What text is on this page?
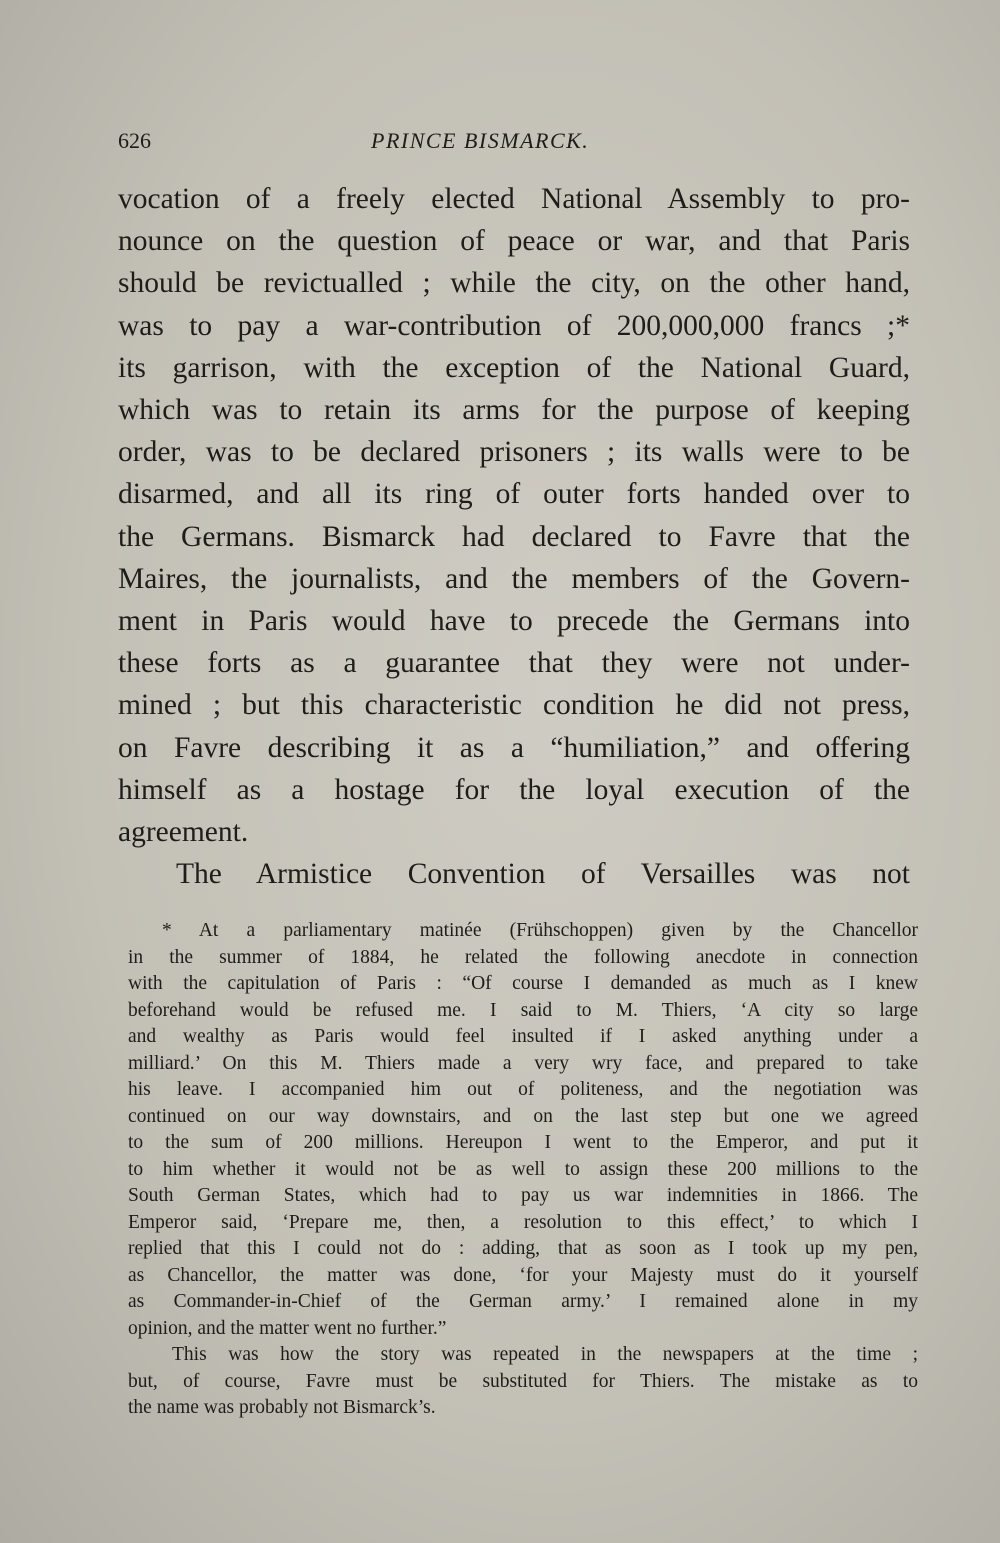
626	PRINCE BISMARCK.
vocation of a freely elected National Assembly to pro-
nounce on the question of peace or war, and that Paris
should be revictualled ; while the city, on the other hand,
was to pay a war-contribution of 200,000,000 francs ;*
its garrison, with the exception of the National Guard,
which was to retain its arms for the purpose of keeping
order, was to be declared prisoners ; its walls were to be
disarmed, and all its ring of outer forts handed over to
the Germans. Bismarck had declared to Favre that the
Maires, the journalists, and the members of the Govern-
ment in Paris would have to precede the Germans into
these forts as a guarantee that they were not under-
mined ; but this characteristic condition he did not press,
on Favre describing it as a “humiliation,” and offering
himself as a hostage for the loyal execution of the
agreement.
The Armistice Convention of Versailles was not
* At a parliamentary matinée (Frühschoppen) given by the Chancellor
in the summer of 1884, he related the following anecdote in connection
with the capitulation of Paris : “Of course I demanded as much as I knew
beforehand would be refused me. I said to M. Thiers, ‘A city so large
and wealthy as Paris would feel insulted if I asked anything under a
milliard.’ On this M. Thiers made a very wry face, and prepared to take
his leave. I accompanied him out of politeness, and the negotiation was
continued on our way downstairs, and on the last step but one we agreed
to the sum of 200 millions. Hereupon I went to the Emperor, and put it
to him whether it would not be as well to assign these 200 millions to the
South German States, which had to pay us war indemnities in 1866. The
Emperor said, ‘Prepare me, then, a resolution to this effect,’ to which I
replied that this I could not do : adding, that as soon as I took up my pen,
as Chancellor, the matter was done, ‘for your Majesty must do it yourself
as Commander-in-Chief of the German army.’ I remained alone in my
opinion, and the matter went no further.”
This was how the story was repeated in the newspapers at the time ;
but, of course, Favre must be substituted for Thiers. The mistake as to
the name was probably not Bismarck’s.
